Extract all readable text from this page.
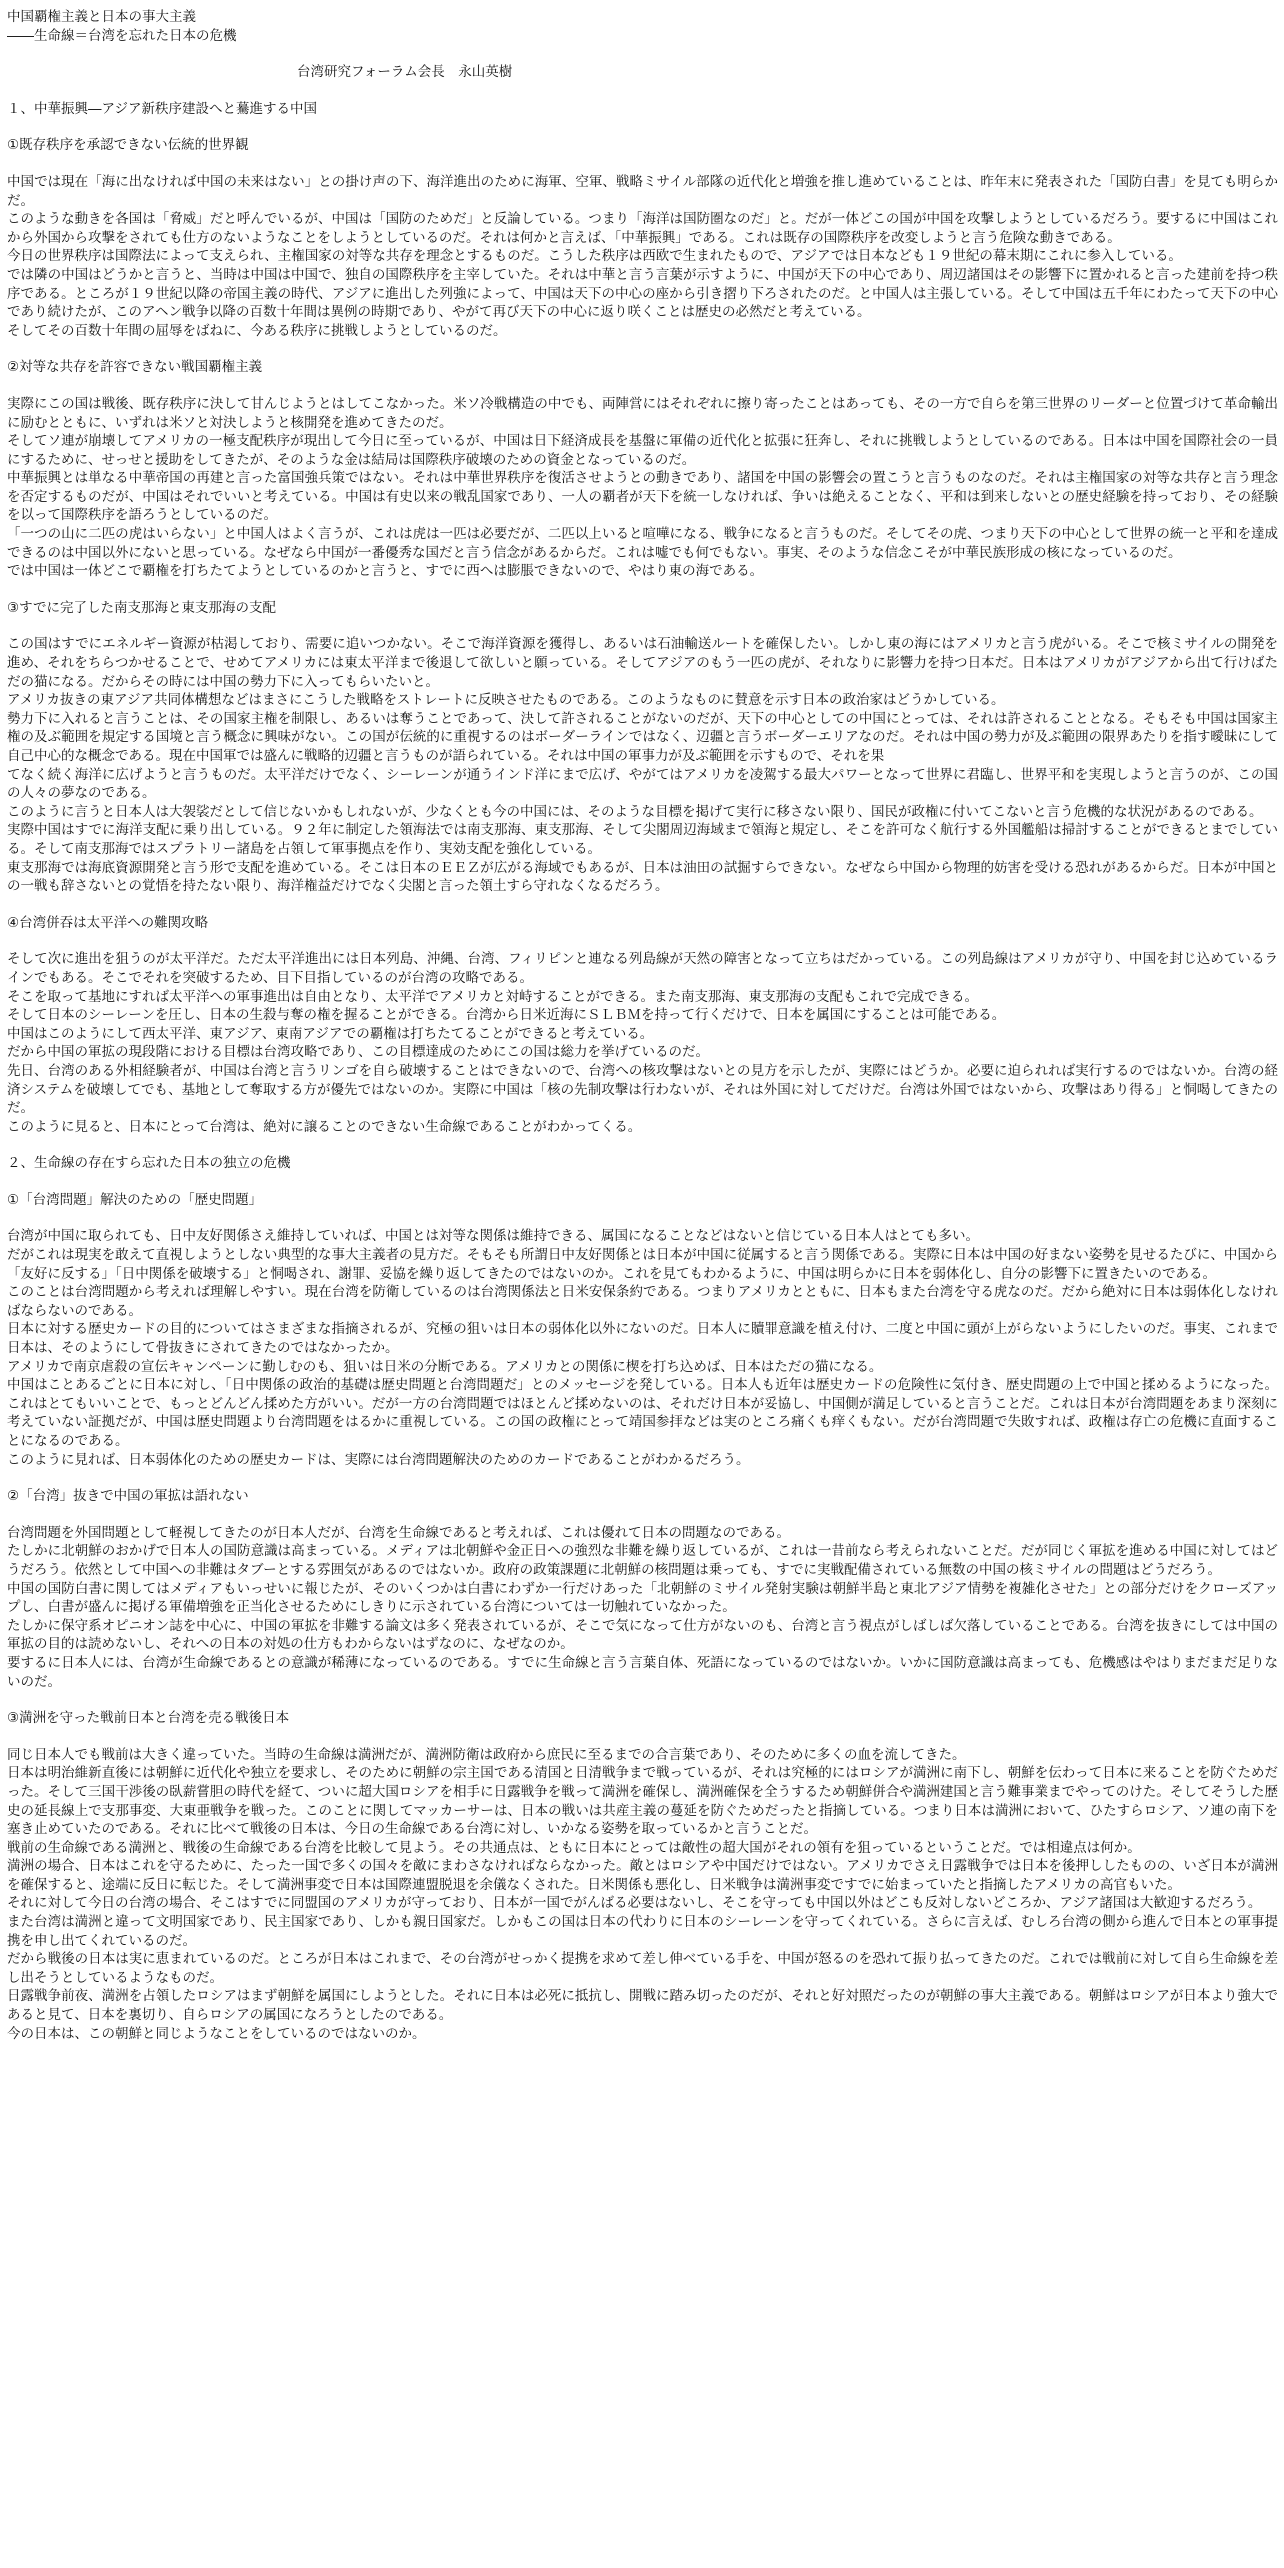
中国覇権主義と日本の事大主義
――生命線＝台湾を忘れた日本の危機
台湾研究フォーラム会長　永山英樹
１、中華振興―アジア新秩序建設へと驀進する中国
①既存秩序を承認できない伝統的世界観
中国では現在「海に出なければ中国の未来はない」との掛け声の下、海洋進出のために海軍、空軍、戦略ミサイル部隊の近代化と増強を推し進めていることは、昨年末に発表された「国防白書」を見ても明らかだ。
このような動きを各国は「脅威」だと呼んでいるが、中国は「国防のためだ」と反論している。つまり「海洋は国防圏なのだ」と。だが一体どこの国が中国を攻撃しようとしているだろう。要するに中国はこれから外国から攻撃をされても仕方のないようなことをしようとしているのだ。それは何かと言えば、「中華振興」である。これは既存の国際秩序を改変しようと言う危険な動きである。
今日の世界秩序は国際法によって支えられ、主権国家の対等な共存を理念とするものだ。こうした秩序は西欧で生まれたもので、アジアでは日本なども１９世紀の幕末期にこれに参入している。
では隣の中国はどうかと言うと、当時は中国は中国で、独自の国際秩序を主宰していた。それは中華と言う言葉が示すように、中国が天下の中心であり、周辺諸国はその影響下に置かれると言った建前を持つ秩序である。ところが１９世紀以降の帝国主義の時代、アジアに進出した列強によって、中国は天下の中心の座から引き摺り下ろされたのだ。と中国人は主張している。そして中国は五千年にわたって天下の中心であり続けたが、このアヘン戦争以降の百数十年間は異例の時期であり、やがて再び天下の中心に返り咲くことは歴史の必然だと考えている。
そしてその百数十年間の屈辱をばねに、今ある秩序に挑戦しようとしているのだ。
②対等な共存を許容できない戦国覇権主義
実際にこの国は戦後、既存秩序に決して甘んじようとはしてこなかった。米ソ冷戦構造の中でも、両陣営にはそれぞれに擦り寄ったことはあっても、その一方で自らを第三世界のリーダーと位置づけて革命輸出に励むとともに、いずれは米ソと対決しようと核開発を進めてきたのだ。
そしてソ連が崩壊してアメリカの一極支配秩序が現出して今日に至っているが、中国は日下経済成長を基盤に軍備の近代化と拡張に狂奔し、それに挑戦しようとしているのである。日本は中国を国際社会の一員にするために、せっせと援助をしてきたが、そのような金は結局は国際秩序破壊のための資金となっているのだ。
中華振興とは単なる中華帝国の再建と言った富国強兵策ではない。それは中華世界秩序を復活させようとの動きであり、諸国を中国の影響会の置こうと言うものなのだ。それは主権国家の対等な共存と言う理念を否定するものだが、中国はそれでいいと考えている。中国は有史以来の戦乱国家であり、一人の覇者が天下を統一しなければ、争いは絶えることなく、平和は到来しないとの歴史経験を持っており、その経験を以って国際秩序を語ろうとしているのだ。
「一つの山に二匹の虎はいらない」と中国人はよく言うが、これは虎は一匹は必要だが、二匹以上いると喧嘩になる、戦争になると言うものだ。そしてその虎、つまり天下の中心として世界の統一と平和を達成できるのは中国以外にないと思っている。なぜなら中国が一番優秀な国だと言う信念があるからだ。これは嘘でも何でもない。事実、そのような信念こそが中華民族形成の核になっているのだ。
では中国は一体どこで覇権を打ちたてようとしているのかと言うと、すでに西へは膨脹できないので、やはり東の海である。
③すでに完了した南支那海と東支那海の支配
この国はすでにエネルギー資源が枯渇しており、需要に追いつかない。そこで海洋資源を獲得し、あるいは石油輸送ルートを確保したい。しかし東の海にはアメリカと言う虎がいる。そこで核ミサイルの開発を進め、それをちらつかせることで、せめてアメリカには東太平洋まで後退して欲しいと願っている。そしてアジアのもう一匹の虎が、それなりに影響力を持つ日本だ。日本はアメリカがアジアから出て行けばただの猫になる。だからその時には中国の勢力下に入ってもらいたいと。
アメリカ抜きの東アジア共同体構想などはまさにこうした戦略をストレートに反映させたものである。このようなものに賛意を示す日本の政治家はどうかしている。
勢力下に入れると言うことは、その国家主権を制限し、あるいは奪うことであって、決して許されることがないのだが、天下の中心としての中国にとっては、それは許されることとなる。そもそも中国は国家主権の及ぶ範囲を規定する国境と言う概念に興味がない。この国が伝統的に重視するのはボーダーラインではなく、辺疆と言うボーダーエリアなのだ。それは中国の勢力が及ぶ範囲の限界あたりを指す曖昧にして自己中心的な概念である。現在中国軍では盛んに戦略的辺疆と言うものが語られている。それは中国の軍事力が及ぶ範囲を示すもので、それを果
てなく続く海洋に広げようと言うものだ。太平洋だけでなく、シーレーンが通うインド洋にまで広げ、やがてはアメリカを凌駕する最大パワーとなって世界に君臨し、世界平和を実現しようと言うのが、この国の人々の夢なのである。
このように言うと日本人は大袈裟だとして信じないかもしれないが、少なくとも今の中国には、そのような目標を掲げて実行に移さない限り、国民が政権に付いてこないと言う危機的な状況があるのである。
実際中国はすでに海洋支配に乗り出している。９２年に制定した領海法では南支那海、東支那海、そして尖閣周辺海域まで領海と規定し、そこを許可なく航行する外国艦船は掃討することができるとまでしている。そして南支那海ではスプラトリー諸島を占領して軍事拠点を作り、実効支配を強化している。
東支那海では海底資源開発と言う形で支配を進めている。そこは日本のＥＥＺが広がる海域でもあるが、日本は油田の試掘すらできない。なぜなら中国から物理的妨害を受ける恐れがあるからだ。日本が中国との一戦も辞さないとの覚悟を持たない限り、海洋権益だけでなく尖閣と言った領土すら守れなくなるだろう。
④台湾併吞は太平洋への難関攻略
そして次に進出を狙うのが太平洋だ。ただ太平洋進出には日本列島、沖縄、台湾、フィリピンと連なる列島線が天然の障害となって立ちはだかっている。この列島線はアメリカが守り、中国を封じ込めているラインでもある。そこでそれを突破するため、目下目指しているのが台湾の攻略である。
そこを取って基地にすれば太平洋への軍事進出は自由となり、太平洋でアメリカと対峙することができる。また南支那海、東支那海の支配もこれで完成できる。
そして日本のシーレーンを圧し、日本の生殺与奪の権を握ることができる。台湾から日米近海にＳＬＢＭを持って行くだけで、日本を属国にすることは可能である。
中国はこのようにして西太平洋、東アジア、東南アジアでの覇権は打ちたてることができると考えている。
だから中国の軍拡の現段階における目標は台湾攻略であり、この目標達成のためにこの国は総力を挙げているのだ。
先日、台湾のある外相経験者が、中国は台湾と言うリンゴを自ら破壊することはできないので、台湾への核攻撃はないとの見方を示したが、実際にはどうか。必要に迫られれば実行するのではないか。台湾の経済システムを破壊してでも、基地として奪取する方が優先ではないのか。実際に中国は「核の先制攻撃は行わないが、それは外国に対してだけだ。台湾は外国ではないから、攻撃はあり得る」と恫喝してきたのだ。
このように見ると、日本にとって台湾は、絶対に譲ることのできない生命線であることがわかってくる。
２、生命線の存在すら忘れた日本の独立の危機
①「台湾問題」解決のための「歴史問題」
台湾が中国に取られても、日中友好関係さえ維持していれば、中国とは対等な関係は維持できる、属国になることなどはないと信じている日本人はとても多い。
だがこれは現実を敢えて直視しようとしない典型的な事大主義者の見方だ。そもそも所謂日中友好関係とは日本が中国に従属すると言う関係である。実際に日本は中国の好まない姿勢を見せるたびに、中国から「友好に反する」「日中関係を破壊する」と恫喝され、謝罪、妥協を繰り返してきたのではないのか。これを見てもわかるように、中国は明らかに日本を弱体化し、自分の影響下に置きたいのである。
このことは台湾問題から考えれば理解しやすい。現在台湾を防衛しているのは台湾関係法と日米安保条約である。つまりアメリカとともに、日本もまた台湾を守る虎なのだ。だから絶対に日本は弱体化しなければならないのである。
日本に対する歴史カードの目的についてはさまざまな指摘されるが、究極の狙いは日本の弱体化以外にないのだ。日本人に贖罪意識を植え付け、二度と中国に頭が上がらないようにしたいのだ。事実、これまで日本は、そのようにして骨抜きにされてきたのではなかったか。
アメリカで南京虐殺の宣伝キャンペーンに勤しむのも、狙いは日米の分断である。アメリカとの関係に楔を打ち込めば、日本はただの猫になる。
中国はことあるごとに日本に対し、「日中関係の政治的基礎は歴史問題と台湾問題だ」とのメッセージを発している。日本人も近年は歴史カードの危険性に気付き、歴史問題の上で中国と揉めるようになった。これはとてもいいことで、もっとどんどん揉めた方がいい。だが一方の台湾問題ではほとんど揉めないのは、それだけ日本が妥協し、中国側が満足していると言うことだ。これは日本が台湾問題をあまり深刻に考えていない証拠だが、中国は歴史問題より台湾問題をはるかに重視している。この国の政権にとって靖国参拝などは実のところ痛くも痒くもない。だが台湾問題で失敗すれば、政権は存亡の危機に直面することになるのである。
このように見れば、日本弱体化のための歴史カードは、実際には台湾問題解決のためのカードであることがわかるだろう。
②「台湾」抜きで中国の軍拡は語れない
台湾問題を外国問題として軽視してきたのが日本人だが、台湾を生命線であると考えれば、これは優れて日本の問題なのである。
たしかに北朝鮮のおかげで日本人の国防意識は高まっている。メディアは北朝鮮や金正日への強烈な非難を繰り返しているが、これは一昔前なら考えられないことだ。だが同じく軍拡を進める中国に対してはどうだろう。依然として中国への非難はタブーとする雰囲気があるのではないか。政府の政策課題に北朝鮮の核問題は乗っても、すでに実戦配備されている無数の中国の核ミサイルの問題はどうだろう。
中国の国防白書に関してはメディアもいっせいに報じたが、そのいくつかは白書にわずか一行だけあった「北朝鮮のミサイル発射実験は朝鮮半島と東北アジア情勢を複雑化させた」との部分だけをクローズアップし、白書が盛んに掲げる軍備増強を正当化させるためにしきりに示されている台湾については一切触れていなかった。
たしかに保守系オピニオン誌を中心に、中国の軍拡を非難する論文は多く発表されているが、そこで気になって仕方がないのも、台湾と言う視点がしばしば欠落していることである。台湾を抜きにしては中国の軍拡の目的は読めないし、それへの日本の対処の仕方もわからないはずなのに、なぜなのか。
要するに日本人には、台湾が生命線であるとの意識が稀薄になっているのである。すでに生命線と言う言葉自体、死語になっているのではないか。いかに国防意識は高まっても、危機感はやはりまだまだ足りないのだ。
③満洲を守った戦前日本と台湾を売る戦後日本
同じ日本人でも戦前は大きく違っていた。当時の生命線は満洲だが、満洲防衛は政府から庶民に至るまでの合言葉であり、そのために多くの血を流してきた。
日本は明治維新直後には朝鮮に近代化や独立を要求し、そのために朝鮮の宗主国である清国と日清戦争まで戦っているが、それは究極的にはロシアが満洲に南下し、朝鮮を伝わって日本に来ることを防ぐためだった。そして三国干渉後の臥薪嘗胆の時代を経て、ついに超大国ロシアを相手に日露戦争を戦って満洲を確保し、満洲確保を全うするため朝鮮併合や満洲建国と言う難事業までやってのけた。そしてそうした歴史の延長線上で支那事変、大東亜戦争を戦った。このことに関してマッカーサーは、日本の戦いは共産主義の蔓延を防ぐためだったと指摘している。つまり日本は満洲において、ひたすらロシア、ソ連の南下を塞き止めていたのである。それに比べて戦後の日本は、今日の生命線である台湾に対し、いかなる姿勢を取っているかと言うことだ。
戦前の生命線である満洲と、戦後の生命線である台湾を比較して見よう。その共通点は、ともに日本にとっては敵性の超大国がそれの領有を狙っているということだ。では相違点は何か。
満洲の場合、日本はこれを守るために、たった一国で多くの国々を敵にまわさなければならなかった。敵とはロシアや中国だけではない。アメリカでさえ日露戦争では日本を後押ししたものの、いざ日本が満洲を確保すると、途端に反日に転じた。そして満洲事変で日本は国際連盟脱退を余儀なくされた。日米関係も悪化し、日米戦争は満洲事変ですでに始まっていたと指摘したアメリカの高官もいた。
それに対して今日の台湾の場合、そこはすでに同盟国のアメリカが守っており、日本が一国でがんばる必要はないし、そこを守っても中国以外はどこも反対しないどころか、アジア諸国は大歓迎するだろう。
また台湾は満洲と違って文明国家であり、民主国家であり、しかも親日国家だ。しかもこの国は日本の代わりに日本のシーレーンを守ってくれている。さらに言えば、むしろ台湾の側から進んで日本との軍事提携を申し出てくれているのだ。
だから戦後の日本は実に恵まれているのだ。ところが日本はこれまで、その台湾がせっかく提携を求めて差し伸べている手を、中国が怒るのを恐れて振り払ってきたのだ。これでは戦前に対して自ら生命線を差し出そうとしているようなものだ。
日露戦争前夜、満洲を占領したロシアはまず朝鮮を属国にしようとした。それに日本は必死に抵抗し、開戦に踏み切ったのだが、それと好対照だったのが朝鮮の事大主義である。朝鮮はロシアが日本より強大であると見て、日本を裏切り、自らロシアの属国になろうとしたのである。
今の日本は、この朝鮮と同じようなことをしているのではないのか。
